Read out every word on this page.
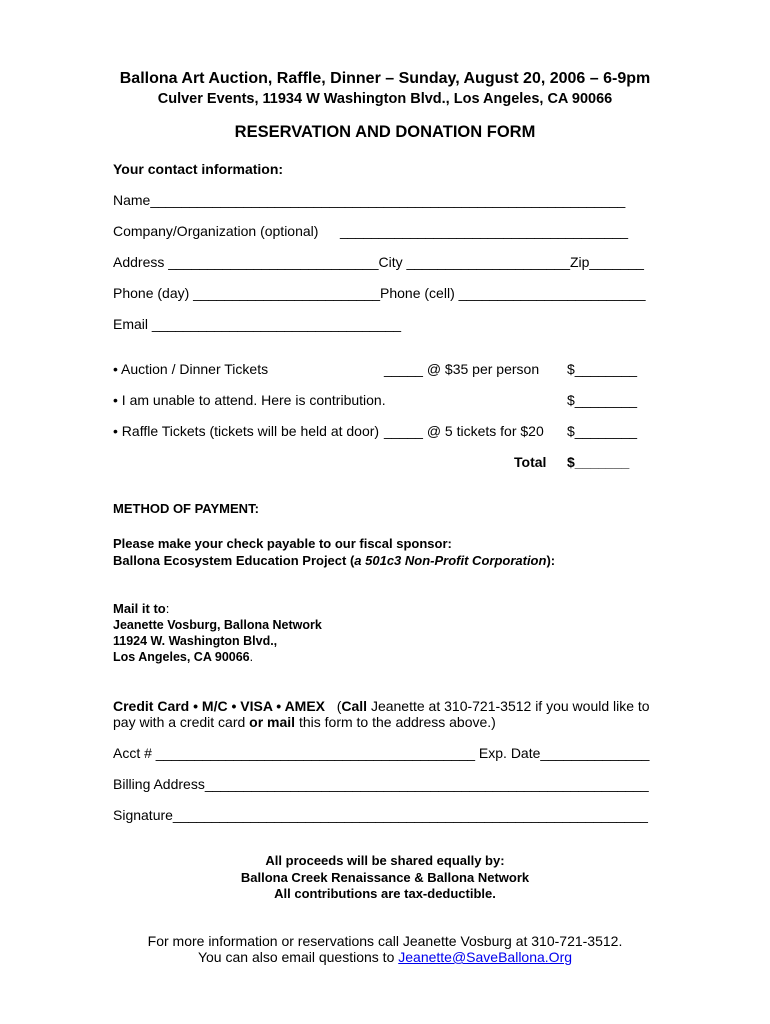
Ballona Art Auction, Raffle, Dinner – Sunday, August 20, 2006 – 6-9pm
Culver Events, 11934 W Washington Blvd., Los Angeles, CA 90066
RESERVATION AND DONATION FORM
Your contact information:
Name_____________________________________________________________
Company/Organization (optional) _____________________________________
Address ___________________________City _____________________Zip_______
Phone (day) ________________________Phone (cell) ________________________
Email ________________________________
• Auction / Dinner Tickets	_____ @ $35 per person $________
• I am unable to attend. Here is contribution.	$________
• Raffle Tickets (tickets will be held at door) _____ @ 5 tickets for $20 $________
Total $_______
METHOD OF PAYMENT:
Please make your check payable to our fiscal sponsor:
Ballona Ecosystem Education Project (a 501c3 Non-Profit Corporation):
Mail it to:
Jeanette Vosburg, Ballona Network
11924 W. Washington Blvd.,
Los Angeles, CA 90066.
Credit Card • M/C • VISA • AMEX (Call Jeanette at 310-721-3512 if you would like to
pay with a credit card or mail this form to the address above.)
Acct # _________________________________________ Exp. Date______________
Billing Address_________________________________________________________
Signature_____________________________________________________________
All proceeds will be shared equally by:
Ballona Creek Renaissance & Ballona Network
All contributions are tax-deductible.
For more information or reservations call Jeanette Vosburg at 310-721-3512.
You can also email questions to Jeanette@SaveBallona.Org
